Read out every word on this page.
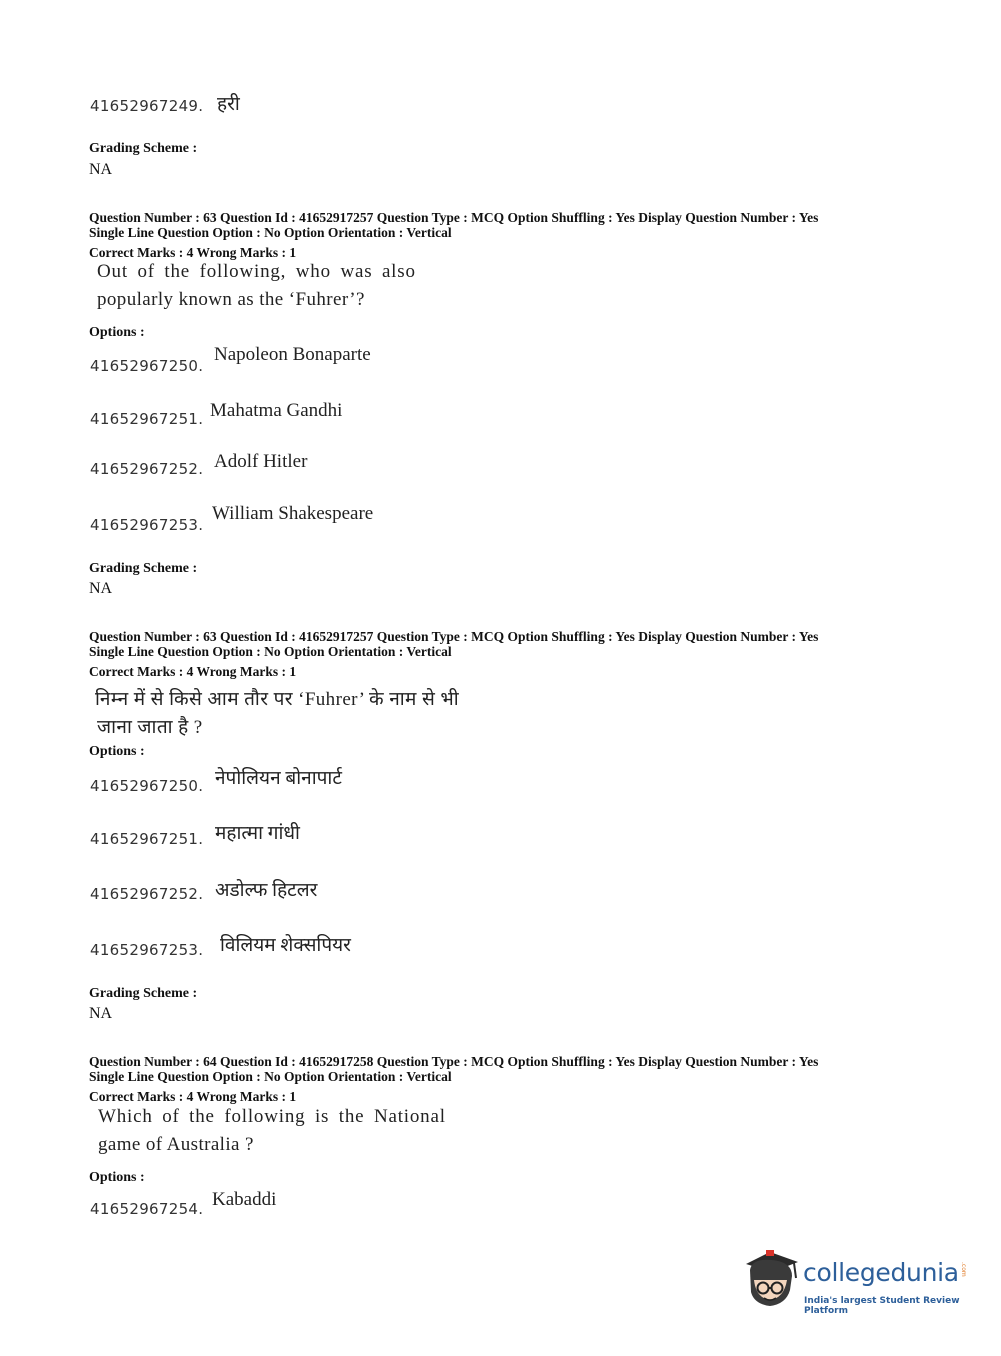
41652967249. हरी
Grading Scheme :
NA
Question Number : 63 Question Id : 41652917257 Question Type : MCQ Option Shuffling : Yes Display Question Number : Yes
Single Line Question Option : No Option Orientation : Vertical
Correct Marks : 4 Wrong Marks : 1
Out of the following, who was also
popularly known as the ‘Fuhrer’?
Options :
41652967250.
Napoleon Bonaparte
41652967251. Mahatma Gandhi
41652967252. Adolf Hitler
41652967253.
William Shakespeare
Grading Scheme :
NA
Question Number : 63 Question Id : 41652917257 Question Type : MCQ Option Shuffling : Yes Display Question Number : Yes
Single Line Question Option : No Option Orientation : Vertical
Correct Marks : 4 Wrong Marks : 1
निम्न में से किसे आम तौर पर ‘Fuhrer’ के नाम से भी
जाना जाता है ?
Options :
41652967250. नेपोलियन बोनापार्ट
41652967251. महात्मा गांधी
41652967252. अडोल्फ हिटलर
41652967253. विलियम शेक्सपियर
Grading Scheme :
NA
Question Number : 64 Question Id : 41652917258 Question Type : MCQ Option Shuffling : Yes Display Question Number : Yes
Single Line Question Option : No Option Orientation : Vertical
Correct Marks : 4 Wrong Marks : 1
Which of the following is the National
game of Australia ?
Options :
41652967254. Kabaddi
collegedunia .com
India's largest Student Review Platform
